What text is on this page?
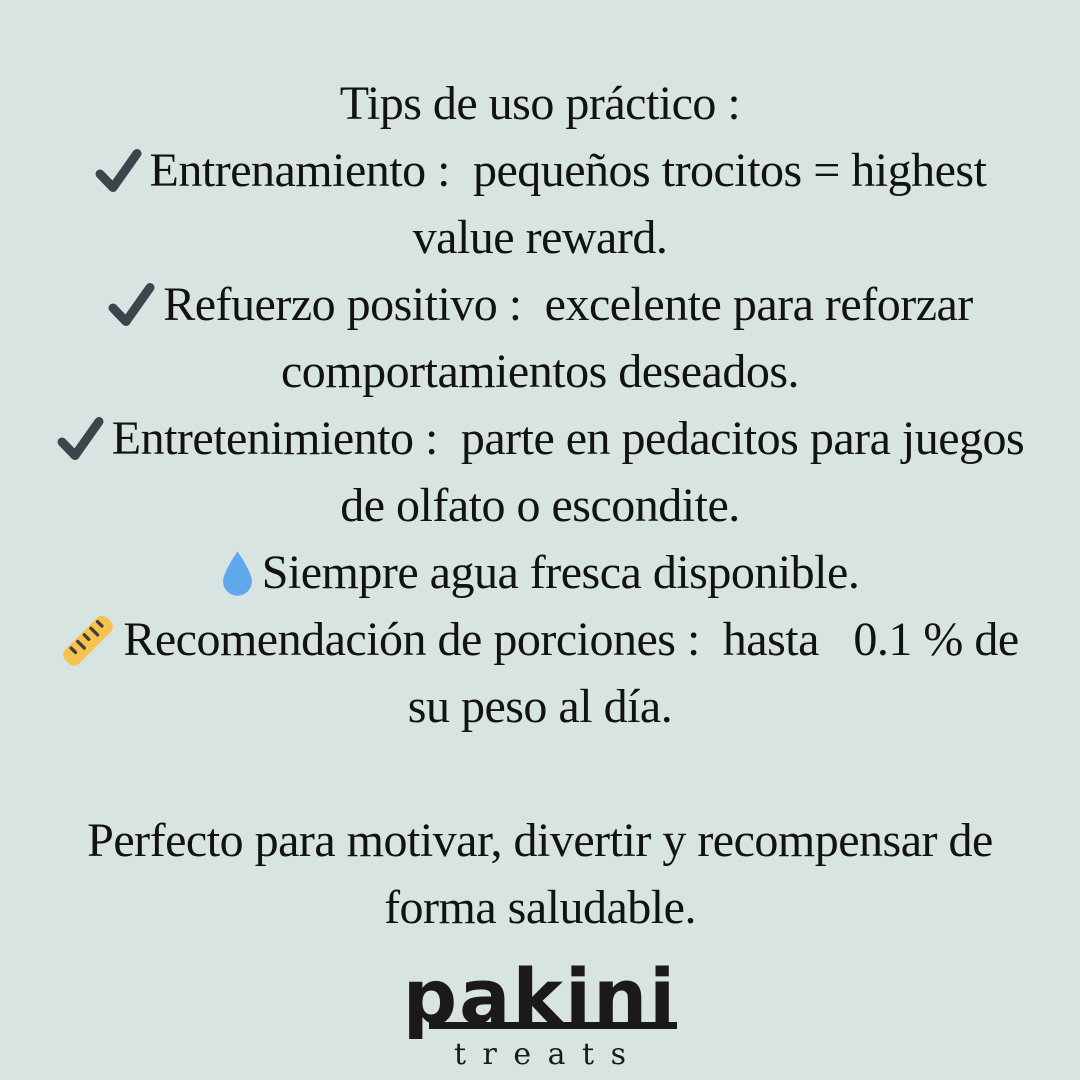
Tips de uso práctico :
Entrenamiento :  pequeños trocitos = highest
value reward.
Refuerzo positivo :  excelente para reforzar
comportamientos deseados.
Entretenimiento :  parte en pedacitos para juegos
de olfato o escondite.
Siempre agua fresca disponible.
Recomendación de porciones :  hasta   0.1 % de
su peso al día.
Perfecto para motivar, divertir y recompensar de
forma saludable.
pakini
treats
